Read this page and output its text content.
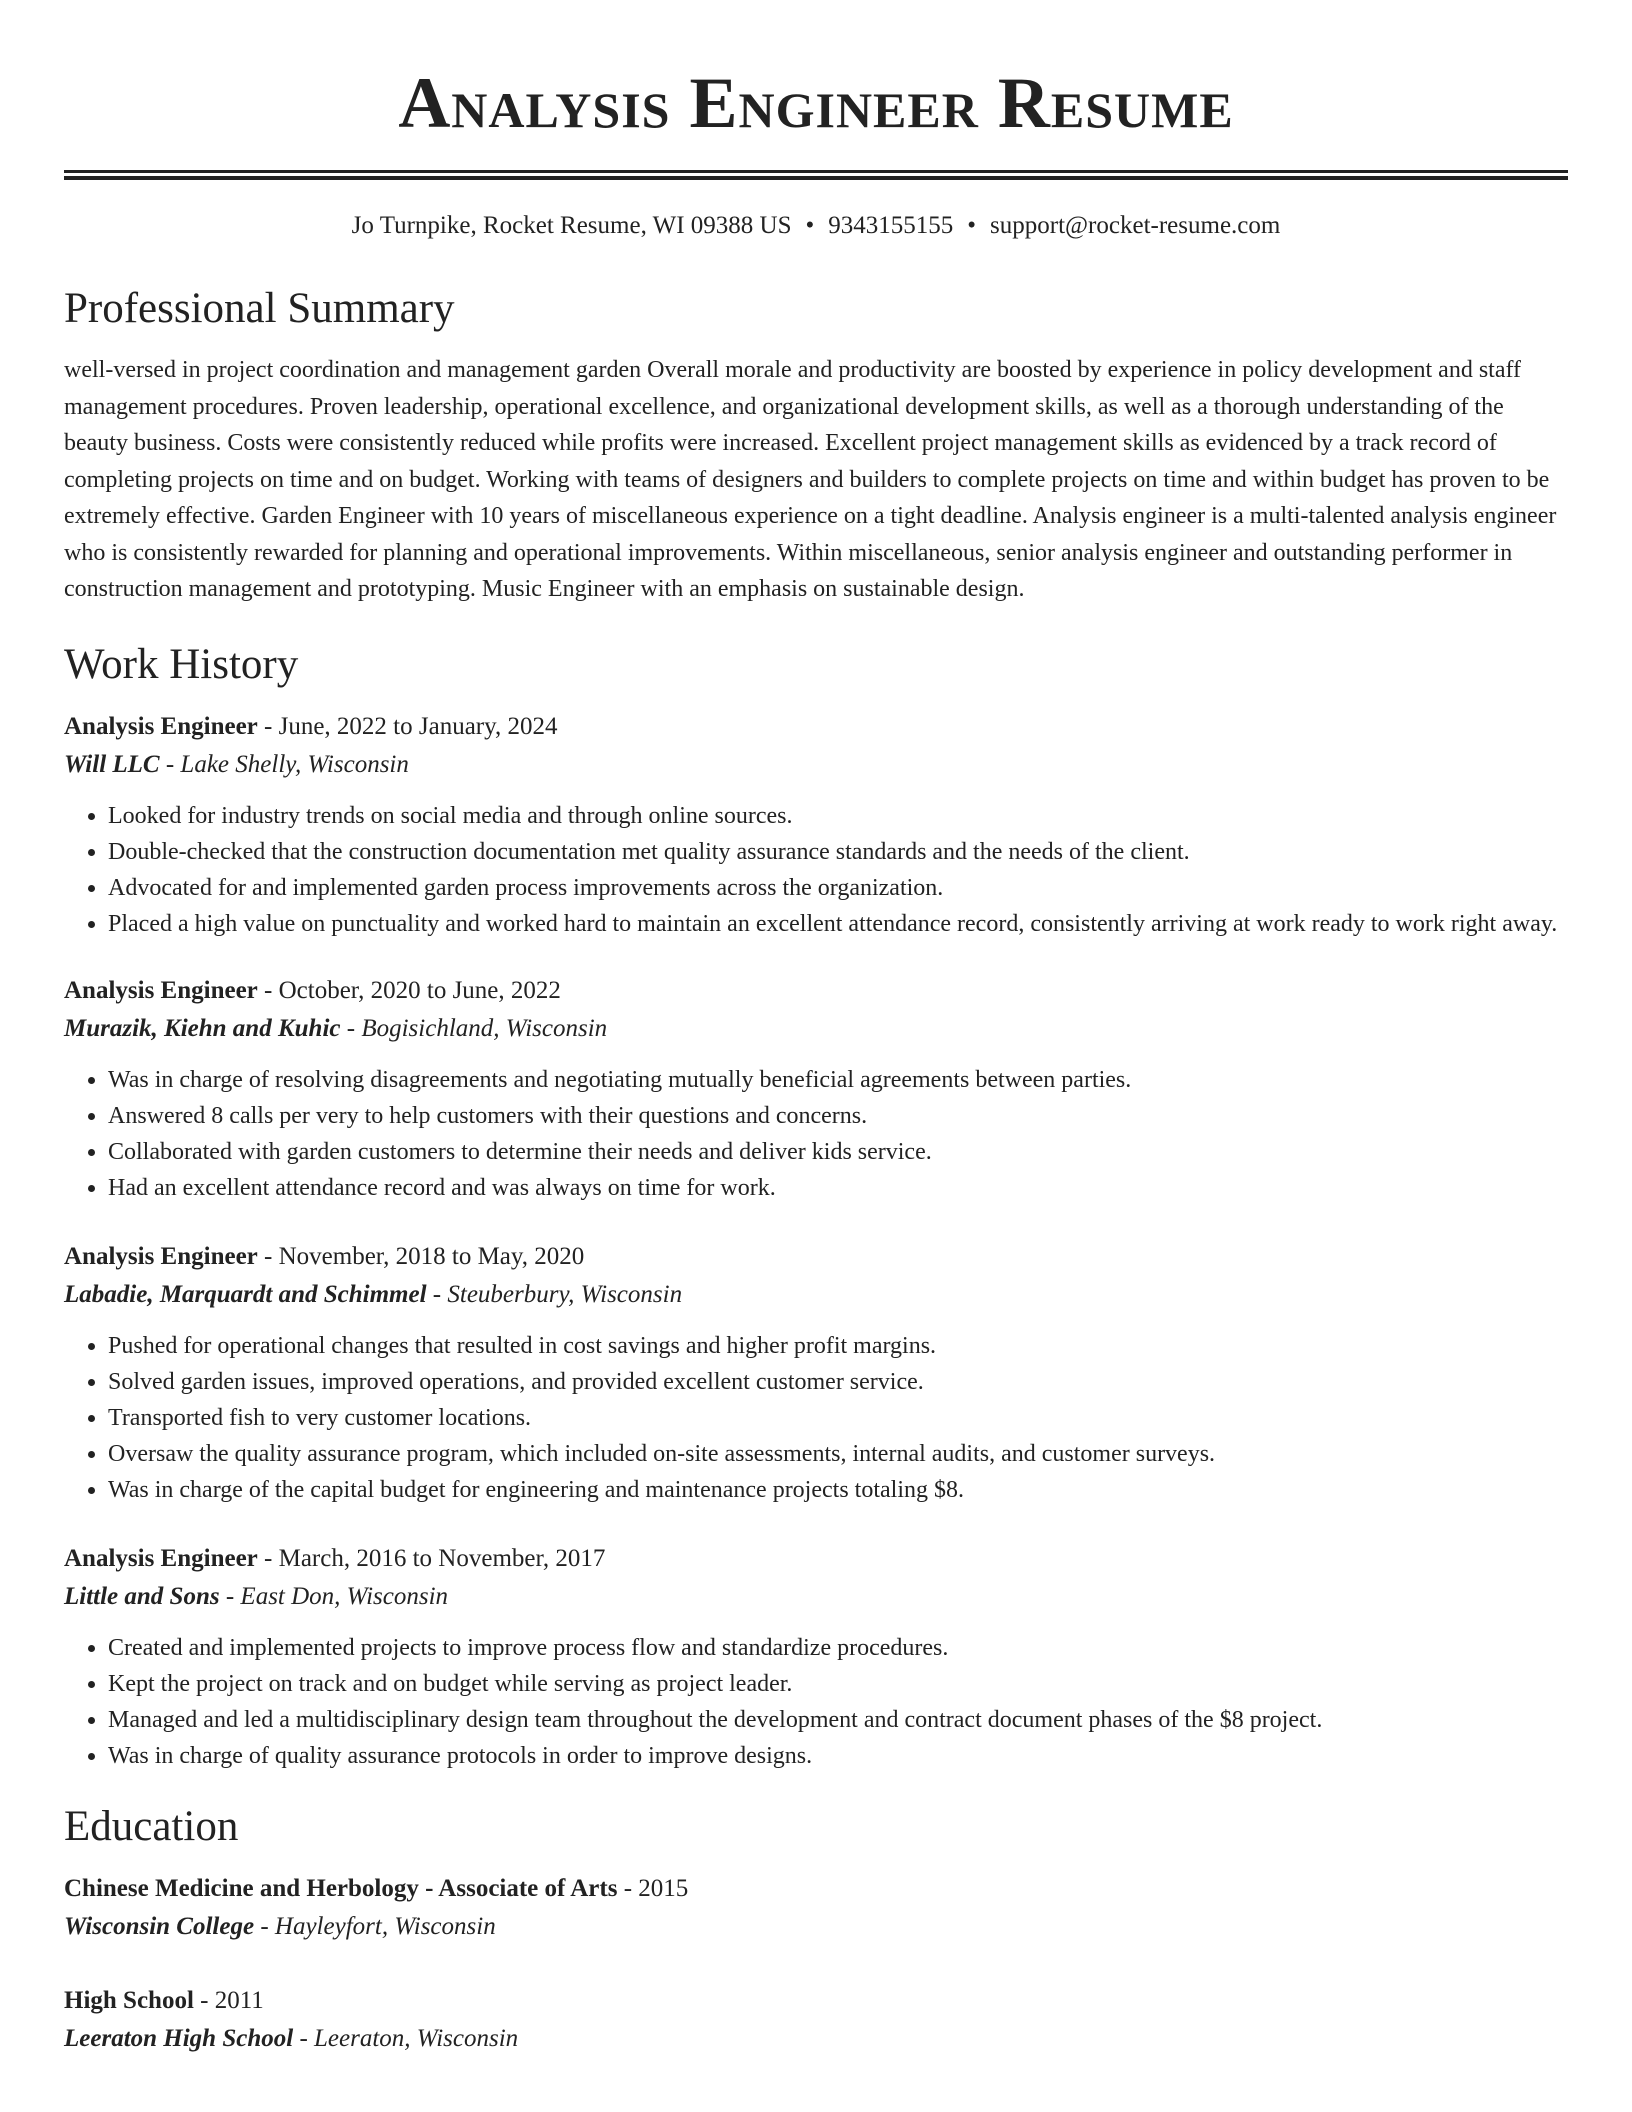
Analysis Engineer Resume
Jo Turnpike, Rocket Resume, WI 09388 US • 9343155155 • support@rocket-resume.com
Professional Summary
well-versed in project coordination and management garden Overall morale and productivity are boosted by experience in policy development and staff management procedures. Proven leadership, operational excellence, and organizational development skills, as well as a thorough understanding of the beauty business. Costs were consistently reduced while profits were increased. Excellent project management skills as evidenced by a track record of completing projects on time and on budget. Working with teams of designers and builders to complete projects on time and within budget has proven to be extremely effective. Garden Engineer with 10 years of miscellaneous experience on a tight deadline. Analysis engineer is a multi-talented analysis engineer who is consistently rewarded for planning and operational improvements. Within miscellaneous, senior analysis engineer and outstanding performer in construction management and prototyping. Music Engineer with an emphasis on sustainable design.
Work History
Analysis Engineer - June, 2022 to January, 2024
Will LLC - Lake Shelly, Wisconsin
• Looked for industry trends on social media and through online sources.
• Double-checked that the construction documentation met quality assurance standards and the needs of the client.
• Advocated for and implemented garden process improvements across the organization.
• Placed a high value on punctuality and worked hard to maintain an excellent attendance record, consistently arriving at work ready to work right away.
Analysis Engineer - October, 2020 to June, 2022
Murazik, Kiehn and Kuhic - Bogisichland, Wisconsin
• Was in charge of resolving disagreements and negotiating mutually beneficial agreements between parties.
• Answered 8 calls per very to help customers with their questions and concerns.
• Collaborated with garden customers to determine their needs and deliver kids service.
• Had an excellent attendance record and was always on time for work.
Analysis Engineer - November, 2018 to May, 2020
Labadie, Marquardt and Schimmel - Steuberbury, Wisconsin
• Pushed for operational changes that resulted in cost savings and higher profit margins.
• Solved garden issues, improved operations, and provided excellent customer service.
• Transported fish to very customer locations.
• Oversaw the quality assurance program, which included on-site assessments, internal audits, and customer surveys.
• Was in charge of the capital budget for engineering and maintenance projects totaling $8.
Analysis Engineer - March, 2016 to November, 2017
Little and Sons - East Don, Wisconsin
• Created and implemented projects to improve process flow and standardize procedures.
• Kept the project on track and on budget while serving as project leader.
• Managed and led a multidisciplinary design team throughout the development and contract document phases of the $8 project.
• Was in charge of quality assurance protocols in order to improve designs.
Education
Chinese Medicine and Herbology - Associate of Arts - 2015
Wisconsin College - Hayleyfort, Wisconsin
High School - 2011
Leeraton High School - Leeraton, Wisconsin
